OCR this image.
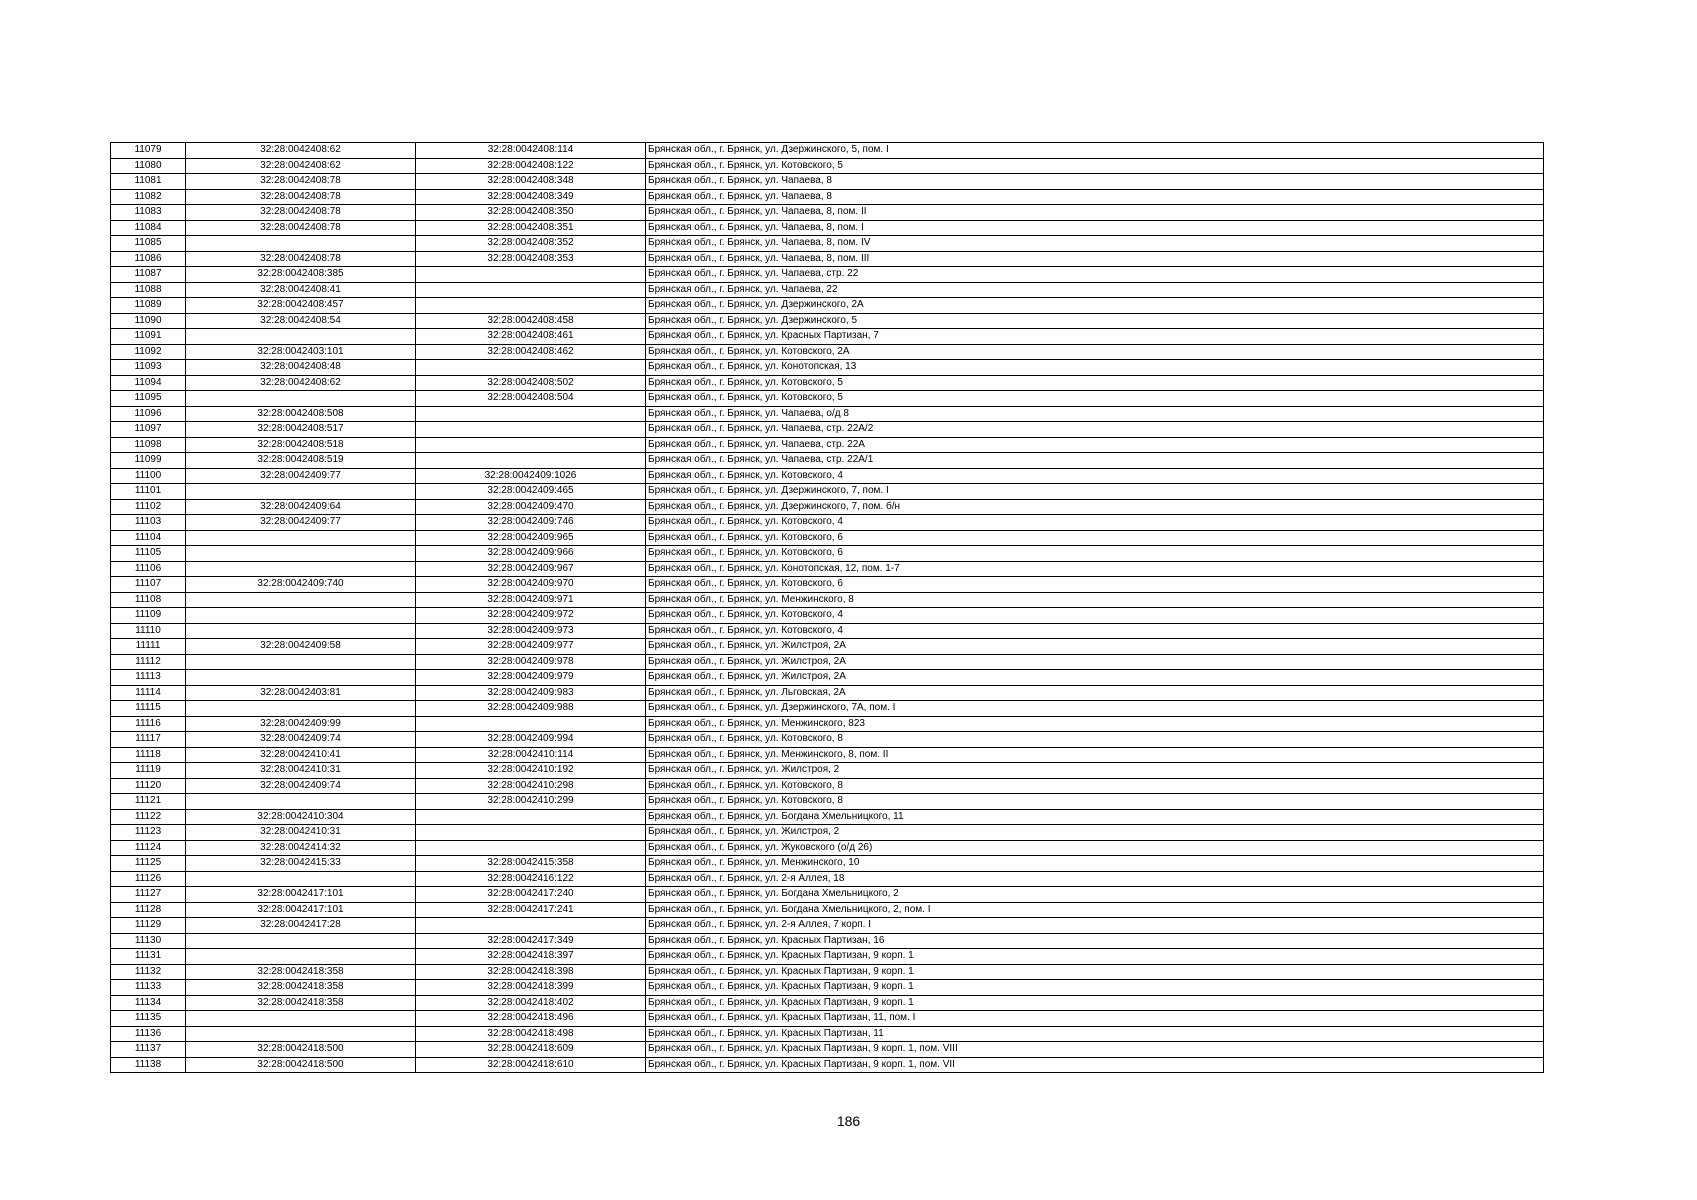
11079	32:28:0042408:62	32:28:0042408:114	Брянская обл., г. Брянск, ул. Дзержинского, 5, пом. I
11080	32:28:0042408:62	32:28:0042408:122	Брянская обл., г. Брянск, ул. Котовского, 5
11081	32:28:0042408:78	32:28:0042408:348	Брянская обл., г. Брянск, ул. Чапаева, 8
11082	32:28:0042408:78	32:28:0042408:349	Брянская обл., г. Брянск, ул. Чапаева, 8
11083	32:28:0042408:78	32:28:0042408:350	Брянская обл., г. Брянск, ул. Чапаева, 8, пом. II
11084	32:28:0042408:78	32:28:0042408:351	Брянская обл., г. Брянск, ул. Чапаева, 8, пом. I
11085		32:28:0042408:352	Брянская обл., г. Брянск, ул. Чапаева, 8, пом. IV
11086	32:28:0042408:78	32:28:0042408:353	Брянская обл., г. Брянск, ул. Чапаева, 8, пом. III
11087	32:28:0042408:385		Брянская обл., г. Брянск, ул. Чапаева, стр. 22
11088	32:28:0042408:41		Брянская обл., г. Брянск, ул. Чапаева, 22
11089	32:28:0042408:457		Брянская обл., г. Брянск, ул. Дзержинского, 2А
11090	32:28:0042408:54	32:28:0042408:458	Брянская обл., г. Брянск, ул. Дзержинского, 5
11091		32:28:0042408:461	Брянская обл., г. Брянск, ул. Красных Партизан, 7
11092	32:28:0042403:101	32:28:0042408:462	Брянская обл., г. Брянск, ул. Котовского, 2А
11093	32:28:0042408:48		Брянская обл., г. Брянск, ул. Конотопская, 13
11094	32:28:0042408:62	32:28:0042408:502	Брянская обл., г. Брянск, ул. Котовского, 5
11095		32:28:0042408:504	Брянская обл., г. Брянск, ул. Котовского, 5
11096	32:28:0042408:508		Брянская обл., г. Брянск, ул. Чапаева, о/д 8
11097	32:28:0042408:517		Брянская обл., г. Брянск, ул. Чапаева, стр. 22А/2
11098	32:28:0042408:518		Брянская обл., г. Брянск, ул. Чапаева, стр. 22А
11099	32:28:0042408:519		Брянская обл., г. Брянск, ул. Чапаева, стр. 22А/1
11100	32:28:0042409:77	32:28:0042409:1026	Брянская обл., г. Брянск, ул. Котовского, 4
11101		32:28:0042409:465	Брянская обл., г. Брянск, ул. Дзержинского, 7, пом. I
11102	32:28:0042409:64	32:28:0042409:470	Брянская обл., г. Брянск, ул. Дзержинского, 7, пом. б/н
11103	32:28:0042409:77	32:28:0042409:746	Брянская обл., г. Брянск, ул. Котовского, 4
11104		32:28:0042409:965	Брянская обл., г. Брянск, ул. Котовского, 6
11105		32:28:0042409:966	Брянская обл., г. Брянск, ул. Котовского, 6
11106		32:28:0042409:967	Брянская обл., г. Брянск, ул. Конотопская, 12, пом. 1-7
11107	32:28:0042409:740	32:28:0042409:970	Брянская обл., г. Брянск, ул. Котовского, 6
11108		32:28:0042409:971	Брянская обл., г. Брянск, ул. Менжинского, 8
11109		32:28:0042409:972	Брянская обл., г. Брянск, ул. Котовского, 4
11110		32:28:0042409:973	Брянская обл., г. Брянск, ул. Котовского, 4
11111	32:28:0042409:58	32:28:0042409:977	Брянская обл., г. Брянск, ул. Жилстроя, 2А
11112		32:28:0042409:978	Брянская обл., г. Брянск, ул. Жилстроя, 2А
11113		32:28:0042409:979	Брянская обл., г. Брянск, ул. Жилстроя, 2А
11114	32:28:0042403:81	32:28:0042409:983	Брянская обл., г. Брянск, ул. Льговская, 2А
11115		32:28:0042409:988	Брянская обл., г. Брянск, ул. Дзержинского, 7А, пом. I
11116	32:28:0042409:99		Брянская обл., г. Брянск, ул. Менжинского, 823
11117	32:28:0042409:74	32:28:0042409:994	Брянская обл., г. Брянск, ул. Котовского, 8
11118	32:28:0042410:41	32:28:0042410:114	Брянская обл., г. Брянск, ул. Менжинского, 8, пом. II
11119	32:28:0042410:31	32:28:0042410:192	Брянская обл., г. Брянск, ул. Жилстроя, 2
11120	32:28:0042409:74	32:28:0042410:298	Брянская обл., г. Брянск, ул. Котовского, 8
11121		32:28:0042410:299	Брянская обл., г. Брянск, ул. Котовского, 8
11122	32:28:0042410:304		Брянская обл., г. Брянск, ул. Богдана Хмельницкого, 11
11123	32:28:0042410:31		Брянская обл., г. Брянск, ул. Жилстроя, 2
11124	32:28:0042414:32		Брянская обл., г. Брянск, ул. Жуковского (о/д 26)
11125	32:28:0042415:33	32:28:0042415:358	Брянская обл., г. Брянск, ул. Менжинского, 10
11126		32:28:0042416:122	Брянская обл., г. Брянск, ул. 2-я Аллея, 18
11127	32:28:0042417:101	32:28:0042417:240	Брянская обл., г. Брянск, ул. Богдана Хмельницкого, 2
11128	32:28:0042417:101	32:28:0042417:241	Брянская обл., г. Брянск, ул. Богдана Хмельницкого, 2, пом. I
11129	32:28:0042417:28		Брянская обл., г. Брянск, ул. 2-я Аллея, 7 корп. I
11130		32:28:0042417:349	Брянская обл., г. Брянск, ул. Красных Партизан, 16
11131		32:28:0042418:397	Брянская обл., г. Брянск, ул. Красных Партизан, 9 корп. 1
11132	32:28:0042418:358	32:28:0042418:398	Брянская обл., г. Брянск, ул. Красных Партизан, 9 корп. 1
11133	32:28:0042418:358	32:28:0042418:399	Брянская обл., г. Брянск, ул. Красных Партизан, 9 корп. 1
11134	32:28:0042418:358	32:28:0042418:402	Брянская обл., г. Брянск, ул. Красных Партизан, 9 корп. 1
11135		32:28:0042418:496	Брянская обл., г. Брянск, ул. Красных Партизан, 11, пом. I
11136		32:28:0042418:498	Брянская обл., г. Брянск, ул. Красных Партизан, 11
11137	32:28:0042418:500	32:28:0042418:609	Брянская обл., г. Брянск, ул. Красных Партизан, 9 корп. 1, пом. VIII
11138	32:28:0042418:500	32:28:0042418:610	Брянская обл., г. Брянск, ул. Красных Партизан, 9 корп. 1, пом. VII
186
